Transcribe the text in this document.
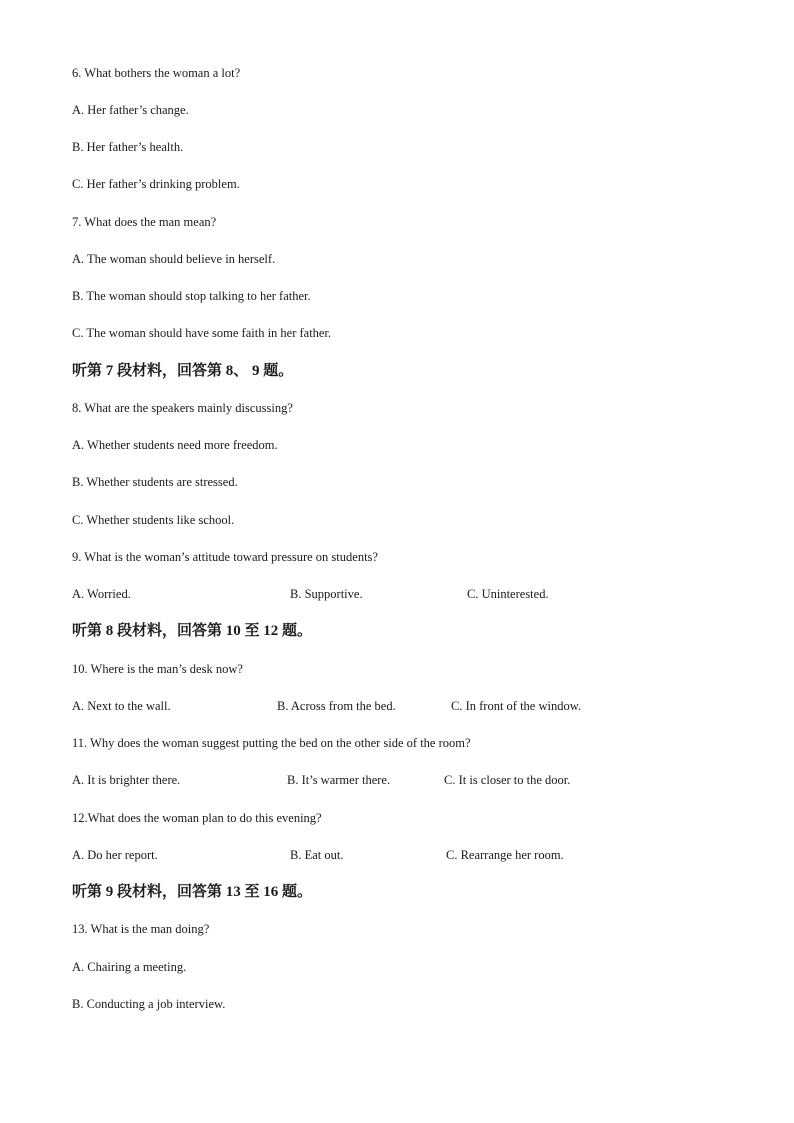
6. What bothers the woman a lot?
A. Her father’s change.
B. Her father’s health.
C. Her father’s drinking problem.
7. What does the man mean?
A. The woman should believe in herself.
B. The woman should stop talking to her father.
C. The woman should have some faith in her father.
听第 7 段材料，回答第 8、 9 题。
8. What are the speakers mainly discussing?
A. Whether students need more freedom.
B. Whether students are stressed.
C. Whether students like school.
9. What is the woman’s attitude toward pressure on students?
A. Worried.	B. Supportive.	C. Uninterested.
听第 8 段材料，回答第 10 至 12 题。
10. Where is the man’s desk now?
A. Next to the wall.	B. Across from the bed.	C. In front of the window.
11. Why does the woman suggest putting the bed on the other side of the room?
A. It is brighter there.	B. It’s warmer there.	C. It is closer to the door.
12.What does the woman plan to do this evening?
A. Do her report.	B. Eat out.	C. Rearrange her room.
听第 9 段材料，回答第 13 至 16 题。
13. What is the man doing?
A. Chairing a meeting.
B. Conducting a job interview.
